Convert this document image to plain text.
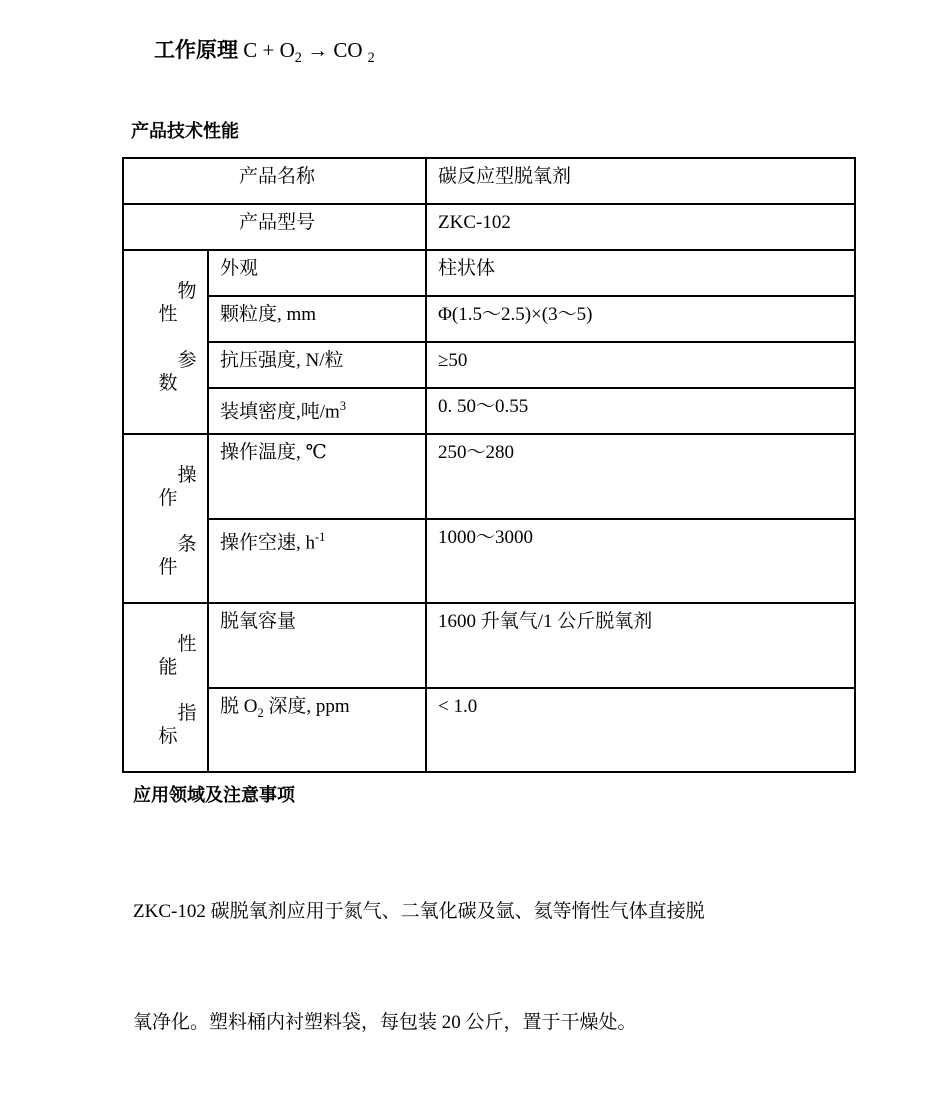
工作原理 $C + O_2$ → CO $_2$

产品技术性能
产品名称		碳反应型脱氧剂
产品型号		ZKC-102

物性

参数	外观	柱状体
	颗粒度, mm	Φ(1.5～2.5)×(3～5)
	抗压强度, N/粒	≥50
	装填密度,吨$/m^3$	0. 50～0.55

操作

条件	操作温度, ℃	250～280
	操作空速, $h^{-1}$	1000～3000

性能

指标	脱氧容量	1600 升氧气/1 公斤脱氧剂
	脱 $O_2$ 深度, ppm	< 1.0
应用领域及注意事项

ZKC-102 碳脱氧剂应用于氮气、二氧化碳及氩、氦等惰性气体直接脱

氧净化。塑料桶内衬塑料袋，每包装 20 公斤，置于干燥处。
